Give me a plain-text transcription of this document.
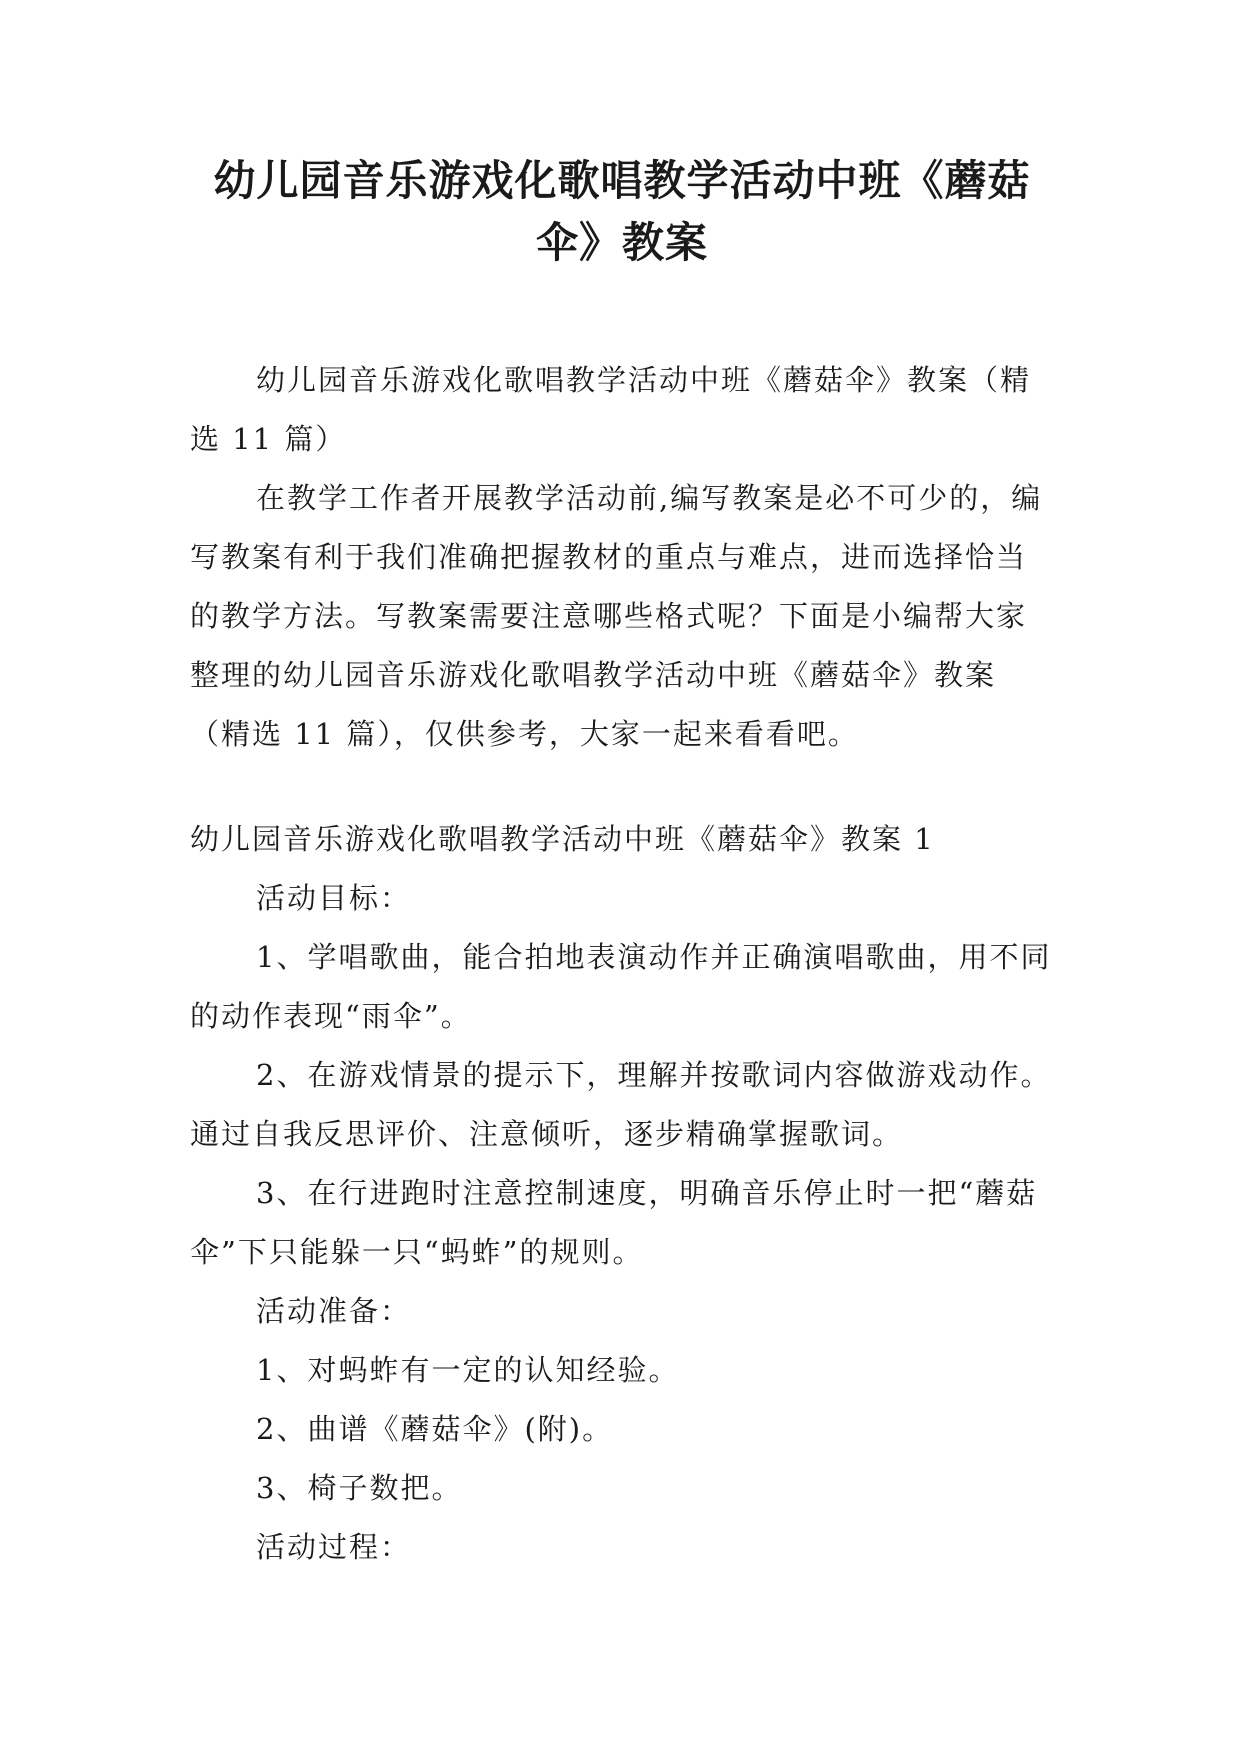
幼儿园音乐游戏化歌唱教学活动中班《蘑菇伞》教案

幼儿园音乐游戏化歌唱教学活动中班《蘑菇伞》教案（精选 11 篇）

在教学工作者开展教学活动前,编写教案是必不可少的，编写教案有利于我们准确把握教材的重点与难点，进而选择恰当的教学方法。写教案需要注意哪些格式呢？下面是小编帮大家整理的幼儿园音乐游戏化歌唱教学活动中班《蘑菇伞》教案（精选 11 篇），仅供参考，大家一起来看看吧。

幼儿园音乐游戏化歌唱教学活动中班《蘑菇伞》教案 1

活动目标：

1、学唱歌曲，能合拍地表演动作并正确演唱歌曲，用不同的动作表现“雨伞”。

2、在游戏情景的提示下，理解并按歌词内容做游戏动作。通过自我反思评价、注意倾听，逐步精确掌握歌词。

3、在行进跑时注意控制速度，明确音乐停止时一把“蘑菇伞”下只能躲一只“蚂蚱”的规则。

活动准备：

1、对蚂蚱有一定的认知经验。

2、曲谱《蘑菇伞》(附)。

3、椅子数把。

活动过程：
